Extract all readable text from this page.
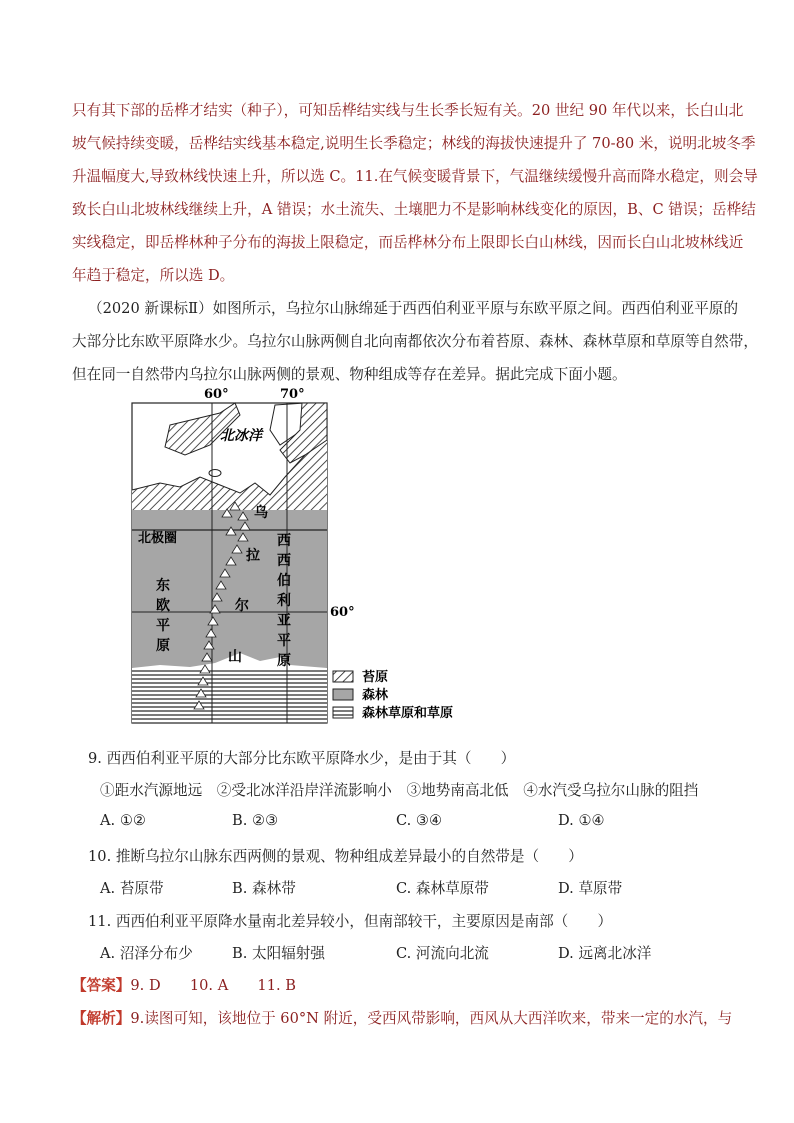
只有其下部的岳桦才结实（种子），可知岳桦结实线与生长季长短有关。20 世纪 90 年代以来，长白山北
坡气候持续变暖，岳桦结实线基本稳定,说明生长季稳定；林线的海拔快速提升了 70-80 米，说明北坡冬季
升温幅度大,导致林线快速上升，所以选 C。11.在气候变暖背景下，气温继续缓慢升高而降水稳定，则会导
致长白山北坡林线继续上升，A 错误；水土流失、土壤肥力不是影响林线变化的原因，B、C 错误；岳桦结
实线稳定，即岳桦林种子分布的海拔上限稳定，而岳桦林分布上限即长白山林线，因而长白山北坡林线近
年趋于稳定，所以选 D。
（2020 新课标Ⅱ）如图所示，乌拉尔山脉绵延于西西伯利亚平原与东欧平原之间。西西伯利亚平原的
大部分比东欧平原降水少。乌拉尔山脉两侧自北向南都依次分布着苔原、森林、森林草原和草原等自然带，
但在同一自然带内乌拉尔山脉两侧的景观、物种组成等存在差异。据此完成下面小题。
60°	70°
60°
北冰洋
北极圈
东
欧
平
原
西
西
伯
利
亚
平
原
乌
拉
尔
山
苔原
森林
森林草原和草原
9. 西西伯利亚平原的大部分比东欧平原降水少，是由于其（　　）
①距水汽源地远　②受北冰洋沿岸洋流影响小　③地势南高北低　④水汽受乌拉尔山脉的阻挡
A. ①②	B. ②③	C. ③④	D. ①④
10. 推断乌拉尔山脉东西两侧的景观、物种组成差异最小的自然带是（　　）
A. 苔原带	B. 森林带	C. 森林草原带	D. 草原带
11. 西西伯利亚平原降水量南北差异较小，但南部较干，主要原因是南部（　　）
A. 沼泽分布少	B. 太阳辐射强	C. 河流向北流	D. 远离北冰洋
【答案】9. D　　10. A　　11. B
【解析】9.读图可知，该地位于 60°N 附近，受西风带影响，西风从大西洋吹来，带来一定的水汽，与
